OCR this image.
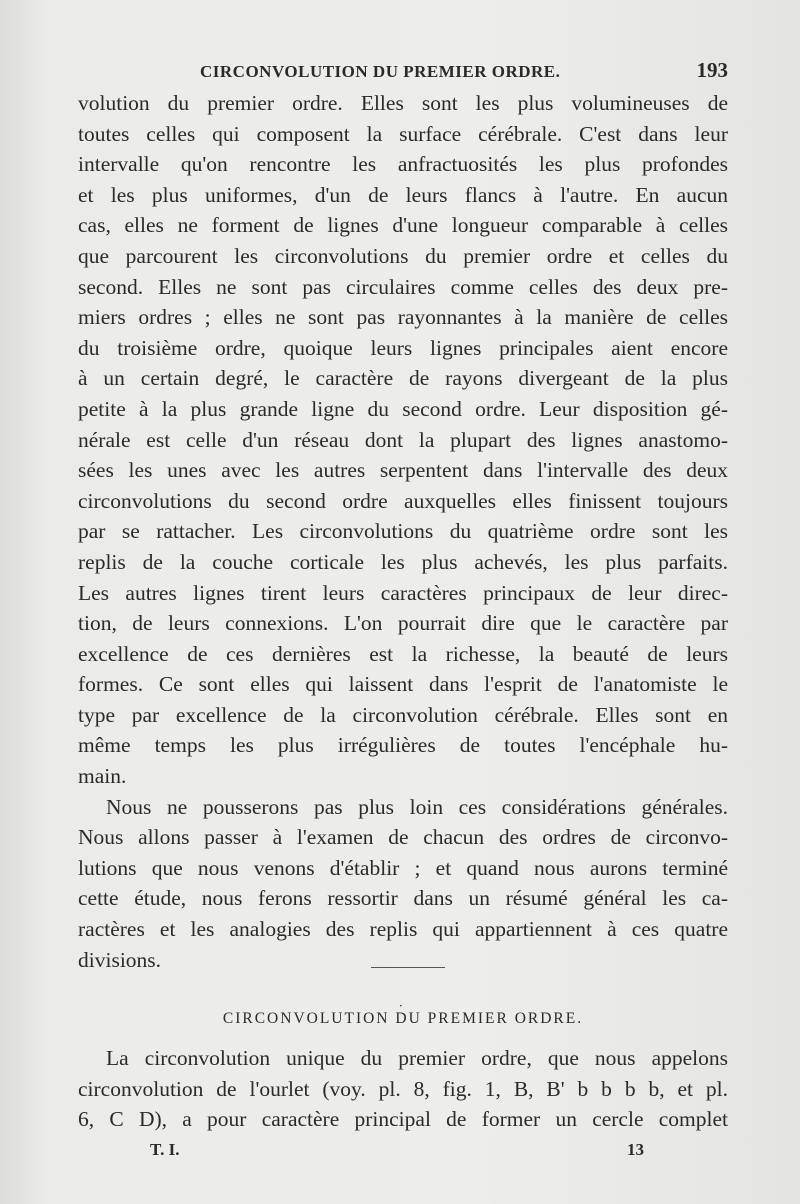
CIRCONVOLUTION DU PREMIER ORDRE.	193
volution du premier ordre. Elles sont les plus volumineuses de
toutes celles qui composent la surface cérébrale. C'est dans leur
intervalle qu'on rencontre les anfractuosités les plus profondes
et les plus uniformes, d'un de leurs flancs à l'autre. En aucun
cas, elles ne forment de lignes d'une longueur comparable à celles
que parcourent les circonvolutions du premier ordre et celles du
second. Elles ne sont pas circulaires comme celles des deux pre-
miers ordres ; elles ne sont pas rayonnantes à la manière de celles
du troisième ordre, quoique leurs lignes principales aient encore
à un certain degré, le caractère de rayons divergeant de la plus
petite à la plus grande ligne du second ordre. Leur disposition gé-
nérale est celle d'un réseau dont la plupart des lignes anastomo-
sées les unes avec les autres serpentent dans l'intervalle des deux
circonvolutions du second ordre auxquelles elles finissent toujours
par se rattacher. Les circonvolutions du quatrième ordre sont les
replis de la couche corticale les plus achevés, les plus parfaits.
Les autres lignes tirent leurs caractères principaux de leur direc-
tion, de leurs connexions. L'on pourrait dire que le caractère par
excellence de ces dernières est la richesse, la beauté de leurs
formes. Ce sont elles qui laissent dans l'esprit de l'anatomiste le
type par excellence de la circonvolution cérébrale. Elles sont en
même temps les plus irrégulières de toutes l'encéphale hu-
main.
Nous ne pousserons pas plus loin ces considérations générales.
Nous allons passer à l'examen de chacun des ordres de circonvo-
lutions que nous venons d'établir ; et quand nous aurons terminé
cette étude, nous ferons ressortir dans un résumé général les ca-
ractères et les analogies des replis qui appartiennent à ces quatre
divisions.
·
CIRCONVOLUTION DU PREMIER ORDRE.
La circonvolution unique du premier ordre, que nous appelons
circonvolution de l'ourlet (voy. pl. 8, fig. 1, B, B' b b b b, et pl.
6, C D), a pour caractère principal de former un cercle complet
T. I.	13
